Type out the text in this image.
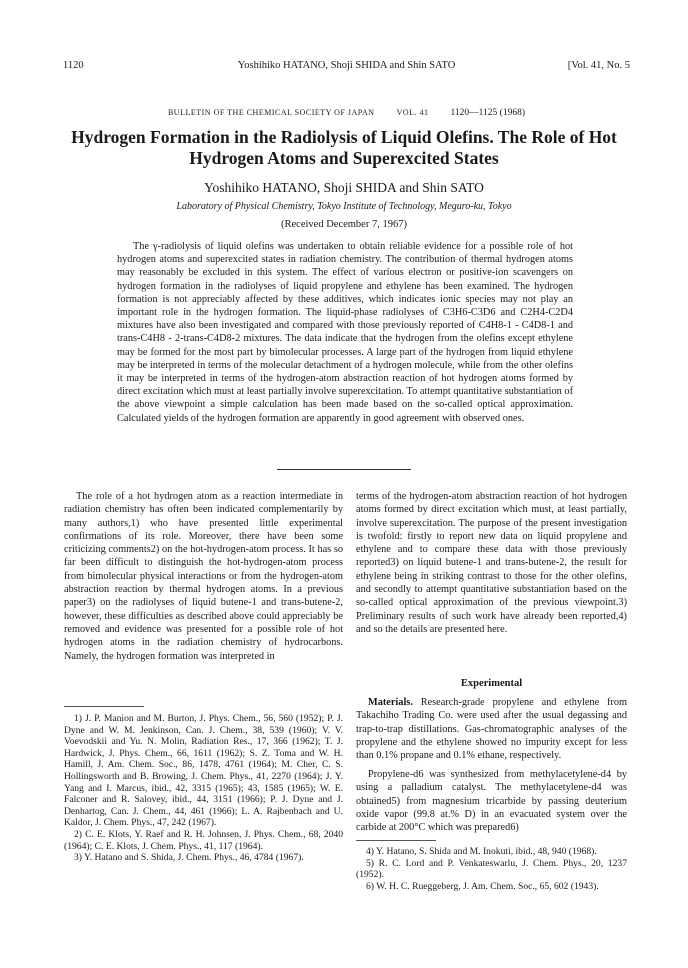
1120	Yoshihiko HATANO, Shoji SHIDA and Shin SATO	[Vol. 41, No. 5
BULLETIN OF THE CHEMICAL SOCIETY OF JAPAN	VOL. 41 1120—1125 (1968)
Hydrogen Formation in the Radiolysis of Liquid Olefins. The Role of Hot Hydrogen Atoms and Superexcited States
Yoshihiko HATANO, Shoji SHIDA and Shin SATO
Laboratory of Physical Chemistry, Tokyo Institute of Technology, Meguro-ku, Tokyo
(Received December 7, 1967)
The γ-radiolysis of liquid olefins was undertaken to obtain reliable evidence for a possible role of hot hydrogen atoms and superexcited states in radiation chemistry. The contribution of thermal hydrogen atoms may reasonably be excluded in this system. The effect of various electron or positive-ion scavengers on hydrogen formation in the radiolyses of liquid propylene and ethylene has been examined. The hydrogen formation is not appreciably affected by these additives, which indicates ionic species may not play an important role in the hydrogen formation. The liquid-phase radiolyses of C3H6-C3D6 and C2H4-C2D4 mixtures have also been investigated and compared with those previously reported of C4H8-1 - C4D8-1 and trans-C4H8 - 2-trans-C4D8-2 mixtures. The data indicate that the hydrogen from the olefins except ethylene may be formed for the most part by bimolecular processes. A large part of the hydrogen from liquid ethylene may be interpreted in terms of the molecular detachment of a hydrogen molecule, while from the other olefins it may be interpreted in terms of the hydrogen-atom abstraction reaction of hot hydrogen atoms formed by direct excitation which must at least partially involve superexcitation. To attempt quantitative substantiation of the above viewpoint a simple calculation has been made based on the so-called optical approximation. Calculated yields of the hydrogen formation are apparently in good agreement with observed ones.
The role of a hot hydrogen atom as a reaction intermediate in radiation chemistry has often been indicated complementarily by many authors,1) who have presented little experimental confirmations of its role. Moreover, there have been some criticizing comments2) on the hot-hydrogen-atom process. It has so far been difficult to distinguish the hot-hydrogen-atom process from bimolecular physical interactions or from the hydrogen-atom abstraction reaction by thermal hydrogen atoms. In a previous paper3) on the radiolyses of liquid butene-1 and trans-butene-2, however, these difficulties as described above could appreciably be removed and evidence was presented for a possible role of hot hydrogen atoms in the radiation chemistry of hydrocarbons. Namely, the hydrogen formation was interpreted in
terms of the hydrogen-atom abstraction reaction of hot hydrogen atoms formed by direct excitation which must, at least partially, involve superexcitation. The purpose of the present investigation is twofold: firstly to report new data on liquid propylene and ethylene and to compare these data with those previously reported3) on liquid butene-1 and trans-butene-2, the result for ethylene being in striking contrast to those for the other olefins, and secondly to attempt quantitative substantiation based on the so-called optical approximation of the previous viewpoint.3) Preliminary results of such work have already been reported,4) and so the details are presented here.
Experimental
Materials. Research-grade propylene and ethylene from Takachiho Trading Co. were used after the usual degassing and trap-to-trap distillations. Gas-chromatographic analyses of the propylene and the ethylene showed no impurity except for less than 0.1% propane and 0.1% ethane, respectively.
Propylene-d6 was synthesized from methylacetylene-d4 by using a palladium catalyst. The methylacetylene-d4 was obtained5) from magnesium tricarbide by passing deuterium oxide vapor (99.8 at.% D) in an evacuated system over the carbide at 200°C which was prepared6)
1) J. P. Manion and M. Burton, J. Phys. Chem., 56, 560 (1952); P. J. Dyne and W. M. Jenkinson, Can. J. Chem., 38, 539 (1960); V. V. Voevodskii and Yu. N. Molin, Radiation Res., 17, 366 (1962); T. J. Hardwick, J. Phys. Chem., 66, 1611 (1962); S. Z. Toma and W. H. Hamill, J. Am. Chem. Soc., 86, 1478, 4761 (1964); M. Cher, C. S. Hollingsworth and B. Browing, J. Chem. Phys., 41, 2270 (1964); J. Y. Yang and I. Marcus, ibid., 42, 3315 (1965); 43, 1585 (1965); W. E. Falconer and R. Salovey, ibid., 44, 3151 (1966); P. J. Dyne and J. Denhartog, Can. J. Chem., 44, 461 (1966); L. A. Rajbenbach and U. Kaldor, J. Chem. Phys., 47, 242 (1967).
2) C. E. Klots, Y. Raef and R. H. Johnsen, J. Phys. Chem., 68, 2040 (1964); C. E. Klots, J. Chem. Phys., 41, 117 (1964).
3) Y. Hatano and S. Shida, J. Chem. Phys., 46, 4784 (1967).
4) Y. Hatano, S. Shida and M. Inokuti, ibid., 48, 940 (1968).
5) R. C. Lord and P. Venkateswarlu, J. Chem. Phys., 20, 1237 (1952).
6) W. H. C. Rueggeberg, J. Am. Chem. Soc., 65, 602 (1943).
